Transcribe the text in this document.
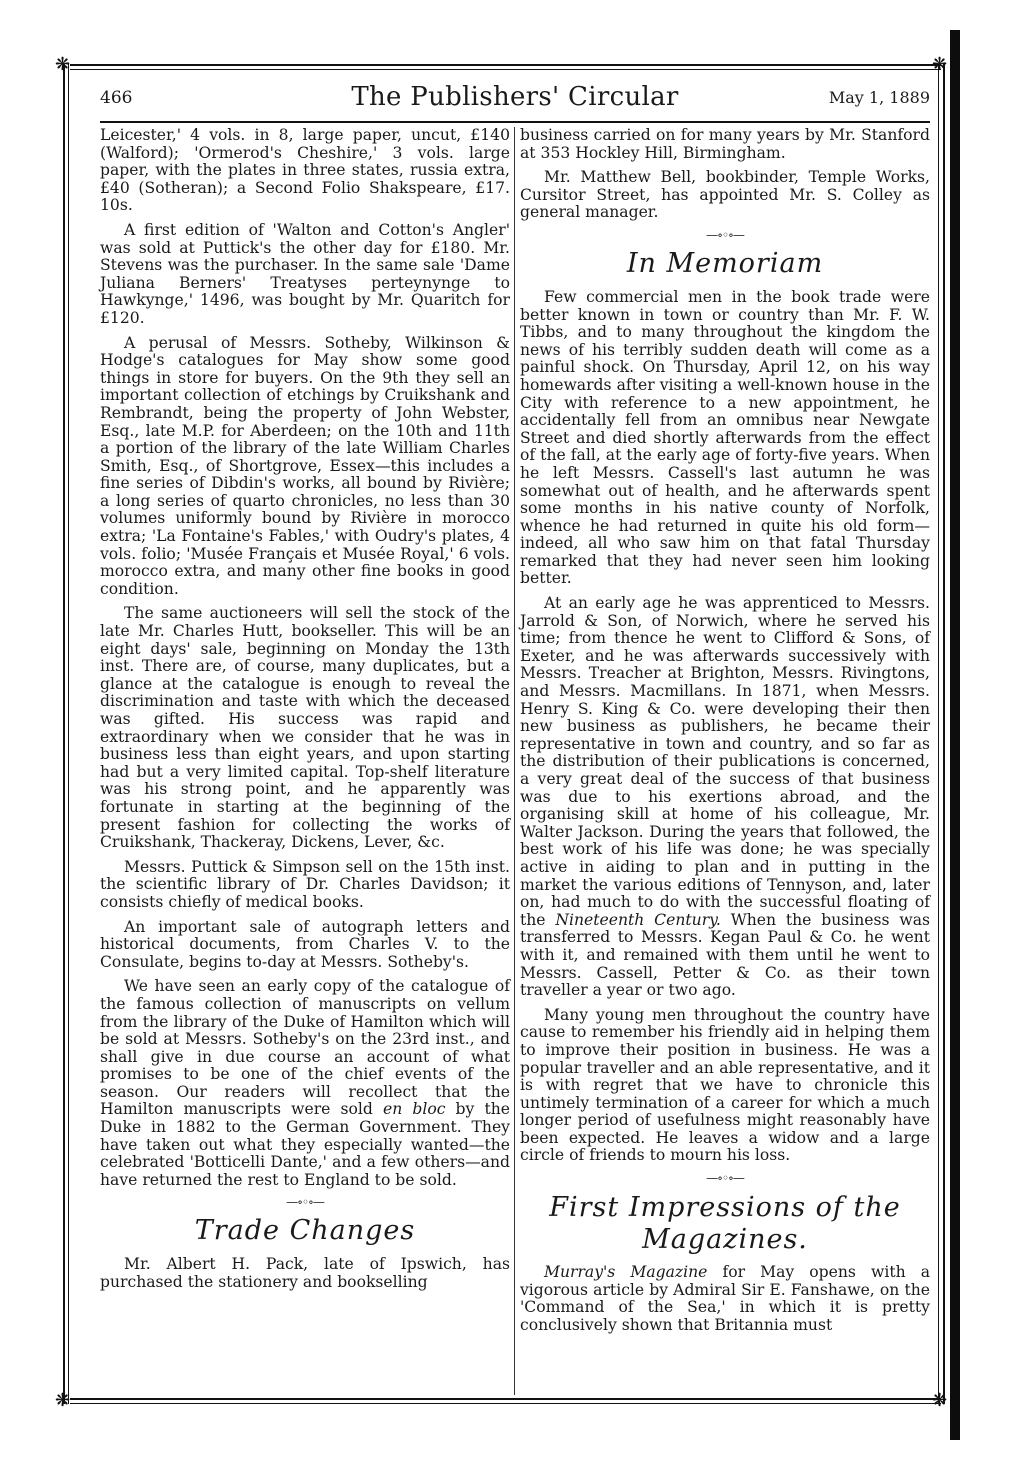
❋	❋
❋	❋
466	The Publishers' Circular	May 1, 1889

Leicester,' 4 vols. in 8, large paper, uncut, £140 (Walford); 'Ormerod's Cheshire,' 3 vols. large paper, with the plates in three states, russia extra, £40 (Sotheran); a Second Folio Shakspeare, £17. 10s.

A first edition of 'Walton and Cotton's Angler' was sold at Puttick's the other day for £180. Mr. Stevens was the purchaser. In the same sale 'Dame Juliana Berners' Treatyses perteynynge to Hawkynge,' 1496, was bought by Mr. Quaritch for £120.

A perusal of Messrs. Sotheby, Wilkinson & Hodge's catalogues for May show some good things in store for buyers. On the 9th they sell an important collection of etchings by Cruikshank and Rembrandt, being the property of John Webster, Esq., late M.P. for Aberdeen; on the 10th and 11th a portion of the library of the late William Charles Smith, Esq., of Shortgrove, Essex—this includes a fine series of Dibdin's works, all bound by Rivière; a long series of quarto chronicles, no less than 30 volumes uniformly bound by Rivière in morocco extra; 'La Fontaine's Fables,' with Oudry's plates, 4 vols. folio; 'Musée Français et Musée Royal,' 6 vols. morocco extra, and many other fine books in good condition.

The same auctioneers will sell the stock of the late Mr. Charles Hutt, bookseller. This will be an eight days' sale, beginning on Monday the 13th inst. There are, of course, many duplicates, but a glance at the catalogue is enough to reveal the discrimination and taste with which the deceased was gifted. His success was rapid and extraordinary when we consider that he was in business less than eight years, and upon starting had but a very limited capital. Top-shelf literature was his strong point, and he apparently was fortunate in starting at the beginning of the present fashion for collecting the works of Cruikshank, Thackeray, Dickens, Lever, &c.

Messrs. Puttick & Simpson sell on the 15th inst. the scientific library of Dr. Charles Davidson; it consists chiefly of medical books.

An important sale of autograph letters and historical documents, from Charles V. to the Consulate, begins to-day at Messrs. Sotheby's.

We have seen an early copy of the catalogue of the famous collection of manuscripts on vellum from the library of the Duke of Hamilton which will be sold at Messrs. Sotheby's on the 23rd inst., and shall give in due course an account of what promises to be one of the chief events of the season. Our readers will recollect that the Hamilton manuscripts were sold en bloc by the Duke in 1882 to the German Government. They have taken out what they especially wanted—the celebrated 'Botticelli Dante,' and a few others—and have returned the rest to England to be sold.

—∘◦∘—
Trade Changes

Mr. Albert H. Pack, late of Ipswich, has purchased the stationery and bookselling

business carried on for many years by Mr. Stanford at 353 Hockley Hill, Birmingham.

Mr. Matthew Bell, bookbinder, Temple Works, Cursitor Street, has appointed Mr. S. Colley as general manager.

—∘◦∘—
In Memoriam

Few commercial men in the book trade were better known in town or country than Mr. F. W. Tibbs, and to many throughout the kingdom the news of his terribly sudden death will come as a painful shock. On Thursday, April 12, on his way homewards after visiting a well-known house in the City with reference to a new appointment, he accidentally fell from an omnibus near Newgate Street and died shortly afterwards from the effect of the fall, at the early age of forty-five years. When he left Messrs. Cassell's last autumn he was somewhat out of health, and he afterwards spent some months in his native county of Norfolk, whence he had returned in quite his old form—indeed, all who saw him on that fatal Thursday remarked that they had never seen him looking better.

At an early age he was apprenticed to Messrs. Jarrold & Son, of Norwich, where he served his time; from thence he went to Clifford & Sons, of Exeter, and he was afterwards successively with Messrs. Treacher at Brighton, Messrs. Rivingtons, and Messrs. Macmillans. In 1871, when Messrs. Henry S. King & Co. were developing their then new business as publishers, he became their representative in town and country, and so far as the distribution of their publications is concerned, a very great deal of the success of that business was due to his exertions abroad, and the organising skill at home of his colleague, Mr. Walter Jackson. During the years that followed, the best work of his life was done; he was specially active in aiding to plan and in putting in the market the various editions of Tennyson, and, later on, had much to do with the successful floating of the Nineteenth Century. When the business was transferred to Messrs. Kegan Paul & Co. he went with it, and remained with them until he went to Messrs. Cassell, Petter & Co. as their town traveller a year or two ago.

Many young men throughout the country have cause to remember his friendly aid in helping them to improve their position in business. He was a popular traveller and an able representative, and it is with regret that we have to chronicle this untimely termination of a career for which a much longer period of usefulness might reasonably have been expected. He leaves a widow and a large circle of friends to mourn his loss.

—∘◦∘—
First Impressions of the
Magazines.

Murray's Magazine for May opens with a vigorous article by Admiral Sir E. Fanshawe, on the 'Command of the Sea,' in which it is pretty conclusively shown that Britannia must
